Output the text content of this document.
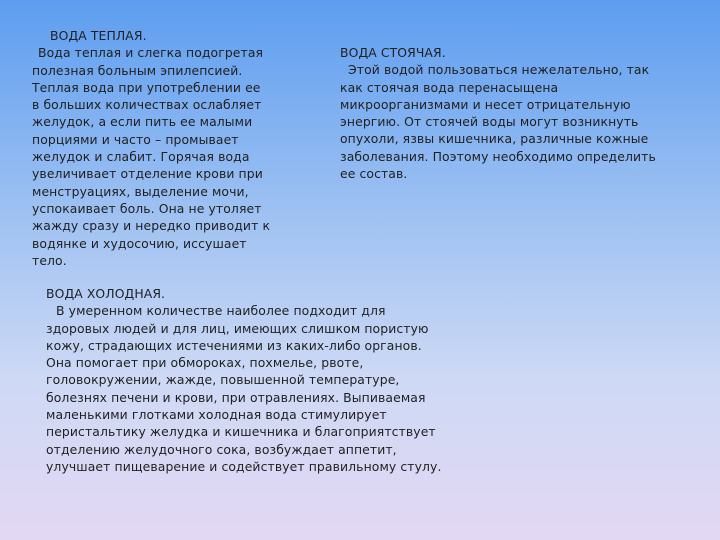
ВОДА ТЕПЛАЯ.
Вода теплая и слегка подогретая
полезная больным эпилепсией.
Теплая вода при употреблении ее
в больших количествах ослабляет
желудок, а если пить ее малыми
порциями и часто – промывает
желудок и слабит. Горячая вода
увеличивает отделение крови при
менструациях, выделение мочи,
успокаивает боль. Она не утоляет
жажду сразу и нередко приводит к
водянке и худосочию, иссушает
тело.
ВОДА СТОЯЧАЯ.
Этой водой пользоваться нежелательно, так
как стоячая вода перенасыщена
микроорганизмами и несет отрицательную
энергию. От стоячей воды могут возникнуть
опухоли, язвы кишечника, различные кожные
заболевания. Поэтому необходимо определить
ее состав.
ВОДА ХОЛОДНАЯ.
В умеренном количестве наиболее подходит для
здоровых людей и для лиц, имеющих слишком пористую
кожу, страдающих истечениями из каких-либо органов.
Она помогает при обмороках, похмелье, рвоте,
головокружении, жажде, повышенной температуре,
болезнях печени и крови, при отравлениях. Выпиваемая
маленькими глотками холодная вода стимулирует
перистальтику желудка и кишечника и благоприятствует
отделению желудочного сока, возбуждает аппетит,
улучшает пищеварение и содействует правильному стулу.
